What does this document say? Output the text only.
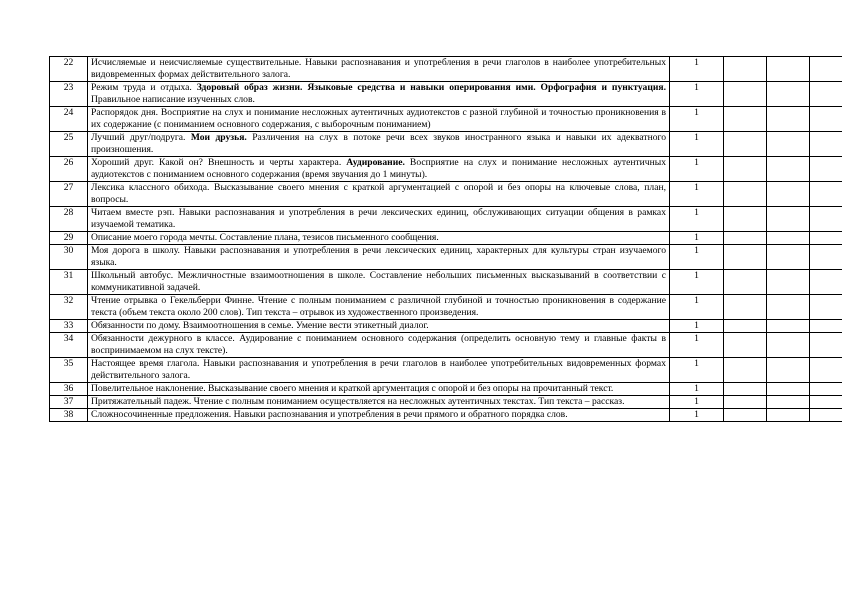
22	Исчисляемые и неисчисляемые существительные. Навыки распознавания и употребления в речи глаголов в наиболее употребительных видовременных формах действительного залога.	1			
23	Режим труда и отдыха. Здоровый образ жизни. Языковые средства и навыки оперирования ими. Орфография и пунктуация. Правильное написание изученных слов.	1			
24	Распорядок дня. Восприятие на слух и понимание несложных аутентичных аудиотекстов с разной глубиной и точностью проникновения в их содержание (с пониманием основного содержания, с выборочным пониманием)	1			
25	Лучший друг/подруга. Мои друзья. Различения на слух в потоке речи всех звуков иностранного языка и навыки их адекватного произношения.	1			
26	Хороший друг. Какой он? Внешность и черты характера. Аудирование. Восприятие на слух и понимание несложных аутентичных аудиотекстов с пониманием основного содержания (время звучания до 1 минуты).	1			
27	Лексика классного обихода. Высказывание своего мнения с краткой аргументацией с опорой и без опоры на ключевые слова, план, вопросы.	1			
28	Читаем вместе рэп. Навыки распознавания и употребления в речи лексических единиц, обслуживающих ситуации общения в рамках изучаемой тематика.	1			
29	Описание моего города мечты. Составление плана, тезисов письменного сообщения.	1			
30	Моя дорога в школу. Навыки распознавания и употребления в речи лексических единиц, характерных для культуры стран изучаемого языка.	1			
31	Школьный автобус. Межличностные взаимоотношения в школе. Составление небольших письменных высказываний в соответствии с коммуникативной задачей.	1			
32	Чтение отрывка о Гекельберри Финне. Чтение с полным пониманием с различной глубиной и точностью проникновения в содержание текста (объем текста около 200 слов). Тип текста – отрывок из художественного произведения.	1			
33	Обязанности по дому. Взаимоотношения в семье. Умение вести этикетный диалог.	1			
34	Обязанности дежурного в классе. Аудирование с пониманием основного содержания (определить основную тему и главные факты в воспринимаемом на слух тексте).	1			
35	Настоящее время глагола. Навыки распознавания и употребления в речи глаголов в наиболее употребительных видовременных формах действительного залога.	1			
36	Повелительное наклонение. Высказывание своего мнения и краткой аргументация с опорой и без опоры на прочитанный текст.	1			
37	Притяжательный падеж. Чтение с полным пониманием осуществляется на несложных аутентичных текстах. Тип текста – рассказ.	1			
38	Сложносочиненные предложения. Навыки распознавания и употребления в речи прямого и обратного порядка слов.	1			
